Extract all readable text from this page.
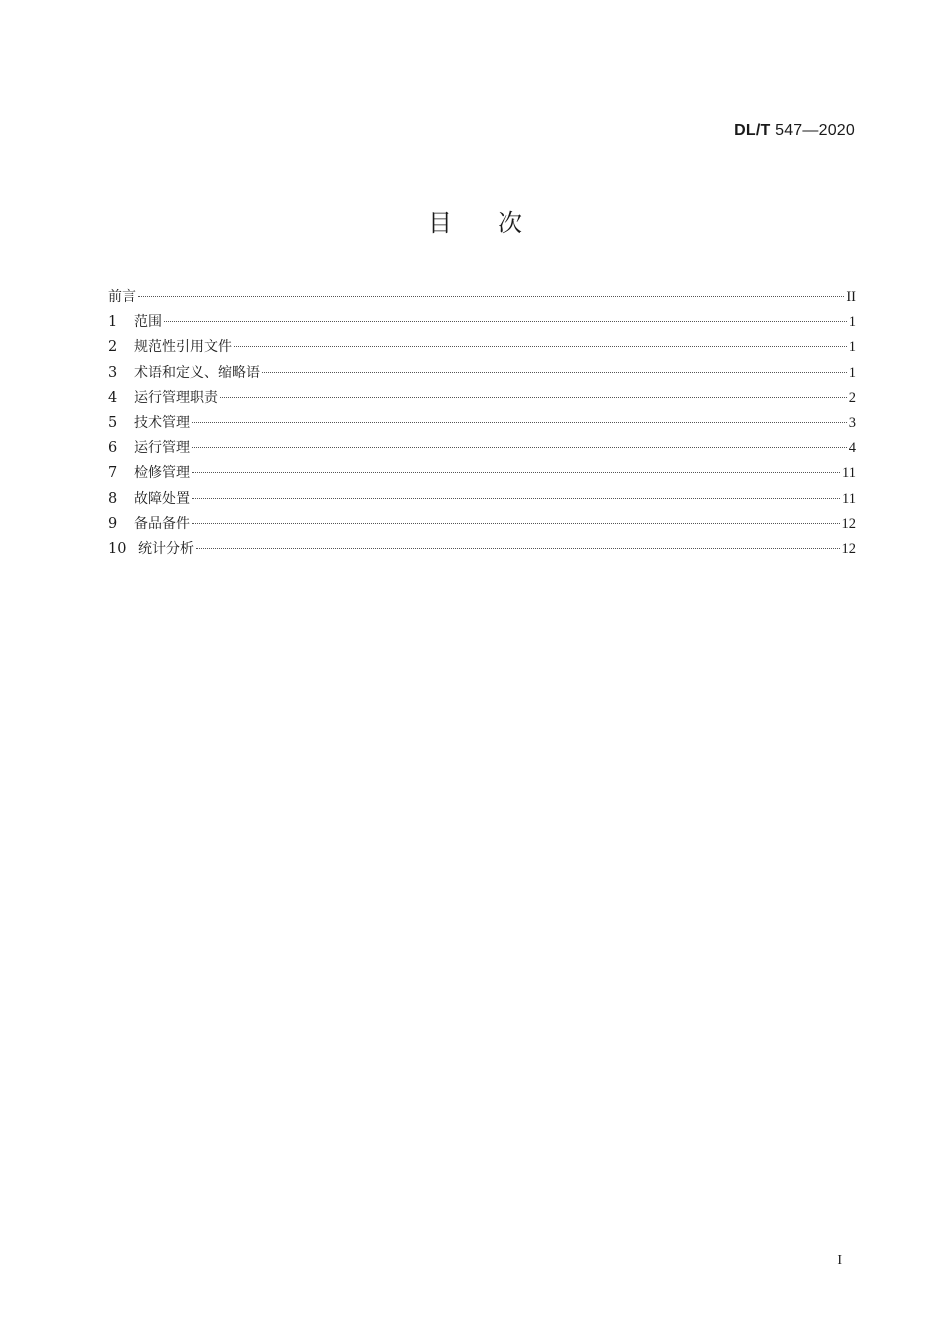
DL/T 547—2020
目次
前言	II
1	范围	1
2	规范性引用文件	1
3	术语和定义、缩略语	1
4	运行管理职责	2
5	技术管理	3
6	运行管理	4
7	检修管理	11
8	故障处置	11
9	备品备件	12
10 统计分析	12
I
